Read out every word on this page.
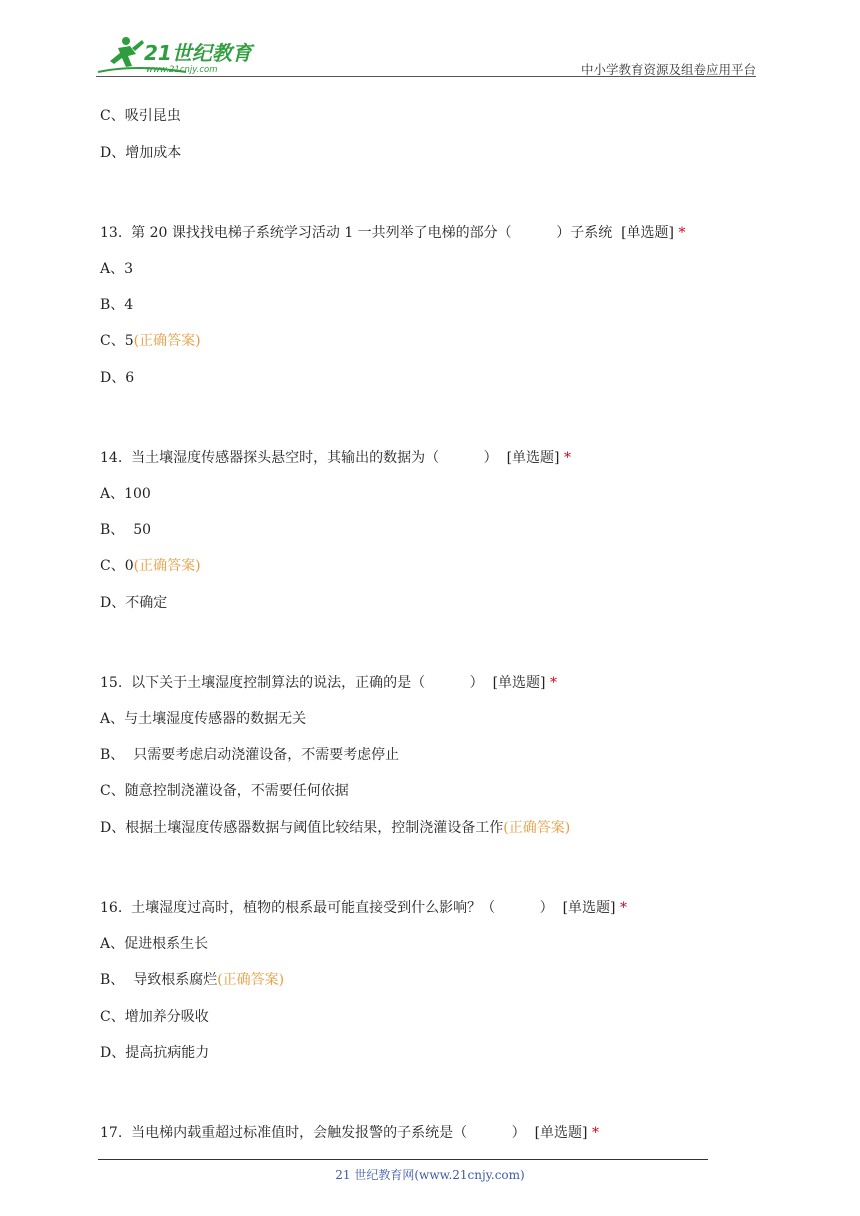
21世纪教育
www.21cnjy.com	中小学教育资源及组卷应用平台
C、吸引昆虫
D、增加成本
13.  第 20 课找找电梯子系统学习活动 1 一共列举了电梯的部分（          ）子系统  [单选题] *
A、3
B、4
C、5(正确答案)
D、6
14.  当土壤湿度传感器探头悬空时，其输出的数据为（          ）  [单选题] *
A、100
B、  50
C、0(正确答案)
D、不确定
15.  以下关于土壤湿度控制算法的说法，正确的是（          ）  [单选题] *
A、与土壤湿度传感器的数据无关
B、  只需要考虑启动浇灌设备，不需要考虑停止
C、随意控制浇灌设备，不需要任何依据
D、根据土壤湿度传感器数据与阈值比较结果，控制浇灌设备工作(正确答案)
16.  土壤湿度过高时，植物的根系最可能直接受到什么影响？（          ）  [单选题] *
A、促进根系生长
B、  导致根系腐烂(正确答案)
C、增加养分吸收
D、提高抗病能力
17.  当电梯内载重超过标准值时，会触发报警的子系统是（          ）  [单选题] *
21 世纪教育网(www.21cnjy.com)
